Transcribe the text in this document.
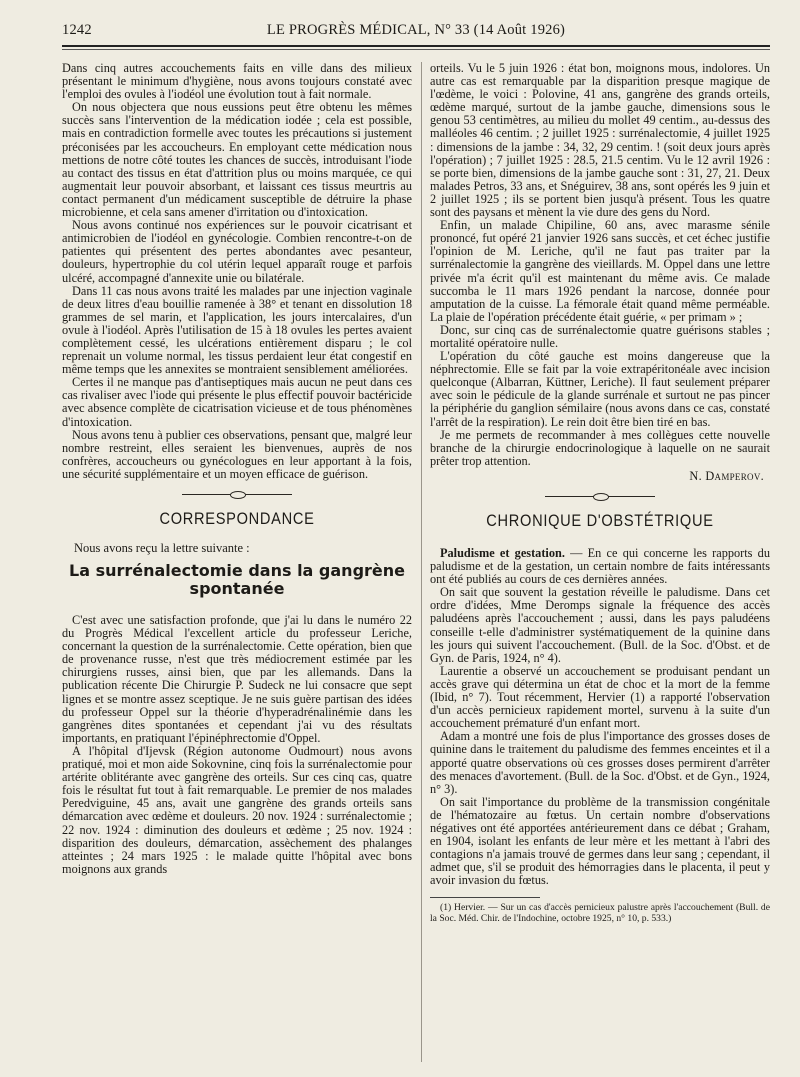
1242	LE PROGRÈS MÉDICAL, N° 33 (14 Août 1926)

Dans cinq autres accouchements faits en ville dans des milieux présentant le minimum d'hygiène, nous avons toujours constaté avec l'emploi des ovules à l'iodéol une évolution tout à fait normale.

On nous objectera que nous eussions peut être obtenu les mêmes succès sans l'intervention de la médication iodée ; cela est possible, mais en contradiction formelle avec toutes les précautions si justement préconisées par les accoucheurs. En employant cette médication nous mettions de notre côté toutes les chances de succès, introduisant l'iode au contact des tissus en état d'attrition plus ou moins marquée, ce qui augmentait leur pouvoir absorbant, et laissant ces tissus meurtris au contact permanent d'un médicament susceptible de détruire la phase microbienne, et cela sans amener d'irritation ou d'intoxication.

Nous avons continué nos expériences sur le pouvoir cicatrisant et antimicrobien de l'iodéol en gynécologie. Combien rencontre-t-on de patientes qui présentent des pertes abondantes avec pesanteur, douleurs, hypertrophie du col utérin lequel apparaît rouge et parfois ulcéré, accompagné d'annexite unie ou bilatérale.

Dans 11 cas nous avons traité les malades par une injection vaginale de deux litres d'eau bouillie ramenée à 38° et tenant en dissolution 18 grammes de sel marin, et l'application, les jours intercalaires, d'un ovule à l'iodéol. Après l'utilisation de 15 à 18 ovules les pertes avaient complètement cessé, les ulcérations entièrement disparu ; le col reprenait un volume normal, les tissus perdaient leur état congestif en même temps que les annexites se montraient sensiblement améliorées.

Certes il ne manque pas d'antiseptiques mais aucun ne peut dans ces cas rivaliser avec l'iode qui présente le plus effectif pouvoir bactéricide avec absence complète de cicatrisation vicieuse et de tous phénomènes d'intoxication.

Nous avons tenu à publier ces observations, pensant que, malgré leur nombre restreint, elles seraient les bienvenues, auprès de nos confrères, accoucheurs ou gynécologues en leur apportant à la fois, une sécurité supplémentaire et un moyen efficace de guérison.

CORRESPONDANCE
Nous avons reçu la lettre suivante :
La surrénalectomie dans la gangrène spontanée

C'est avec une satisfaction profonde, que j'ai lu dans le numéro 22 du Progrès Médical l'excellent article du professeur Leriche, concernant la question de la surrénalectomie. Cette opération, bien que de provenance russe, n'est que très médiocrement estimée par les chirurgiens russes, ainsi bien, que par les allemands. Dans la publication récente Die Chirurgie P. Sudeck ne lui consacre que sept lignes et se montre assez sceptique. Je ne suis guère partisan des idées du professeur Oppel sur la théorie d'hyperadrénalinémie dans les gangrènes dites spontanées et cependant j'ai vu des résultats importants, en pratiquant l'épinéphrectomie d'Oppel.

A l'hôpital d'Ijevsk (Région autonome Oudmourt) nous avons pratiqué, moi et mon aide Sokovnine, cinq fois la surrénalectomie pour artérite oblitérante avec gangrène des orteils. Sur ces cinq cas, quatre fois le résultat fut tout à fait remarquable. Le premier de nos malades Peredviguine, 45 ans, avait une gangrène des grands orteils sans démarcation avec œdème et douleurs. 20 nov. 1924 : surrénalectomie ; 22 nov. 1924 : diminution des douleurs et œdème ; 25 nov. 1924 : disparition des douleurs, démarcation, assèchement des phalanges atteintes ; 24 mars 1925 : le malade quitte l'hôpital avec bons moignons aux grands

orteils. Vu le 5 juin 1926 : état bon, moignons mous, indolores. Un autre cas est remarquable par la disparition presque magique de l'œdème, le voici : Polovine, 41 ans, gangrène des grands orteils, œdème marqué, surtout de la jambe gauche, dimensions sous le genou 53 centimètres, au milieu du mollet 49 centim., au-dessus des malléoles 46 centim. ; 2 juillet 1925 : surrénalectomie, 4 juillet 1925 : dimensions de la jambe : 34, 32, 29 centim. ! (soit deux jours après l'opération) ; 7 juillet 1925 : 28.5, 21.5 centim. Vu le 12 avril 1926 : se porte bien, dimensions de la jambe gauche sont : 31, 27, 21. Deux malades Petros, 33 ans, et Snéguirev, 38 ans, sont opérés les 9 juin et 2 juillet 1925 ; ils se portent bien jusqu'à présent. Tous les quatre sont des paysans et mènent la vie dure des gens du Nord.

Enfin, un malade Chipiline, 60 ans, avec marasme sénile prononcé, fut opéré 21 janvier 1926 sans succès, et cet échec justifie l'opinion de M. Leriche, qu'il ne faut pas traiter par la surrénalectomie la gangrène des vieillards. M. Oppel dans une lettre privée m'a écrit qu'il est maintenant du même avis. Ce malade succomba le 11 mars 1926 pendant la narcose, donnée pour amputation de la cuisse. La fémorale était quand même perméable. La plaie de l'opération précédente était guérie, « per primam » ;

Donc, sur cinq cas de surrénalectomie quatre guérisons stables ; mortalité opératoire nulle.

L'opération du côté gauche est moins dangereuse que la néphrectomie. Elle se fait par la voie extrapéritonéale avec incision quelconque (Albarran, Küttner, Leriche). Il faut seulement préparer avec soin le pédicule de la glande surrénale et surtout ne pas pincer la périphérie du ganglion sémilaire (nous avons dans ce cas, constaté l'arrêt de la respiration). Le rein doit être bien tiré en bas.

Je me permets de recommander à mes collègues cette nouvelle branche de la chirurgie endocrinologique à laquelle on ne saurait prêter trop attention.

N. Damperov.

CHRONIQUE D'OBSTÉTRIQUE

Paludisme et gestation. — En ce qui concerne les rapports du paludisme et de la gestation, un certain nombre de faits intéressants ont été publiés au cours de ces dernières années.

On sait que souvent la gestation réveille le paludisme. Dans cet ordre d'idées, Mme Deromps signale la fréquence des accès paludéens après l'accouchement ; aussi, dans les pays paludéens conseille t-elle d'administrer systématiquement de la quinine dans les jours qui suivent l'accouchement. (Bull. de la Soc. d'Obst. et de Gyn. de Paris, 1924, n° 4).

Laurentie a observé un accouchement se produisant pendant un accès grave qui détermina un état de choc et la mort de la femme (Ibid, n° 7). Tout récemment, Hervier (1) a rapporté l'observation d'un accès pernicieux rapidement mortel, survenu à la suite d'un accouchement prématuré d'un enfant mort.

Adam a montré une fois de plus l'importance des grosses doses de quinine dans le traitement du paludisme des femmes enceintes et il a apporté quatre observations où ces grosses doses permirent d'arrêter des menaces d'avortement. (Bull. de la Soc. d'Obst. et de Gyn., 1924, n° 3).

On sait l'importance du problème de la transmission congénitale de l'hématozaire au fœtus. Un certain nombre d'observations négatives ont été apportées antérieurement dans ce débat ; Graham, en 1904, isolant les enfants de leur mère et les mettant à l'abri des contagions n'a jamais trouvé de germes dans leur sang ; cependant, il admet que, s'il se produit des hémorragies dans le placenta, il peut y avoir invasion du fœtus.

(1) Hervier. — Sur un cas d'accès pernicieux palustre après l'accouchement (Bull. de la Soc. Méd. Chir. de l'Indochine, octobre 1925, n° 10, p. 533.)
